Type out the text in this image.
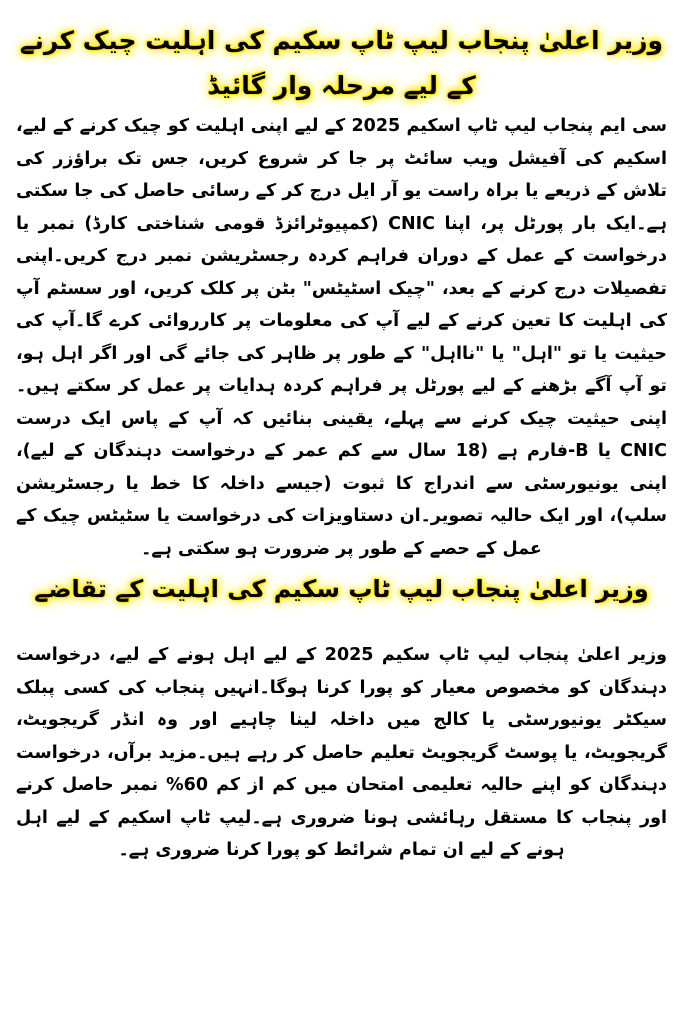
وزیر اعلیٰ پنجاب لیپ ٹاپ سکیم کی اہلیت چیک کرنے
کے لیے مرحلہ وار گائیڈ

سی ایم پنجاب لیپ ٹاپ اسکیم 2025 کے لیے اپنی اہلیت کو چیک کرنے کے لیے، اسکیم کی آفیشل ویب سائٹ پر جا کر شروع کریں، جس تک براؤزر کی تلاش کے ذریعے یا براہ راست یو آر ایل درج کر کے رسائی حاصل کی جا سکتی ہے۔ایک بار پورٹل پر، اپنا CNIC (کمپیوٹرائزڈ قومی شناختی کارڈ) نمبر یا درخواست کے عمل کے دوران فراہم کردہ رجسٹریشن نمبر درج کریں۔اپنی تفصیلات درج کرنے کے بعد، "چیک اسٹیٹس" بٹن پر کلک کریں، اور سسٹم آپ کی اہلیت کا تعین کرنے کے لیے آپ کی معلومات پر کارروائی کرے گا۔آپ کی حیثیت یا تو "اہل" یا "نااہل" کے طور پر ظاہر کی جائے گی اور اگر اہل ہو، تو آپ آگے بڑھنے کے لیے پورٹل پر فراہم کردہ ہدایات پر عمل کر سکتے ہیں۔اپنی حیثیت چیک کرنے سے پہلے، یقینی بنائیں کہ آپ کے پاس ایک درست CNIC یا B-فارم ہے (18 سال سے کم عمر کے درخواست دہندگان کے لیے)، اپنی یونیورسٹی سے اندراج کا ثبوت (جیسے داخلہ کا خط یا رجسٹریشن سلپ)، اور ایک حالیہ تصویر۔ان دستاویزات کی درخواست یا سٹیٹس چیک کے عمل کے حصے کے طور پر ضرورت ہو سکتی ہے۔

وزیر اعلیٰ پنجاب لیپ ٹاپ سکیم کی اہلیت کے تقاضے

وزیر اعلیٰ پنجاب لیپ ٹاپ سکیم 2025 کے لیے اہل ہونے کے لیے، درخواست دہندگان کو مخصوص معیار کو پورا کرنا ہوگا۔انہیں پنجاب کی کسی پبلک سیکٹر یونیورسٹی یا کالج میں داخلہ لینا چاہیے اور وہ انڈر گریجویٹ، گریجویٹ، یا پوسٹ گریجویٹ تعلیم حاصل کر رہے ہیں۔مزید برآں، درخواست دہندگان کو اپنے حالیہ تعلیمی امتحان میں کم از کم 60% نمبر حاصل کرنے اور پنجاب کا مستقل رہائشی ہونا ضروری ہے۔لیپ ٹاپ اسکیم کے لیے اہل ہونے کے لیے ان تمام شرائط کو پورا کرنا ضروری ہے۔
